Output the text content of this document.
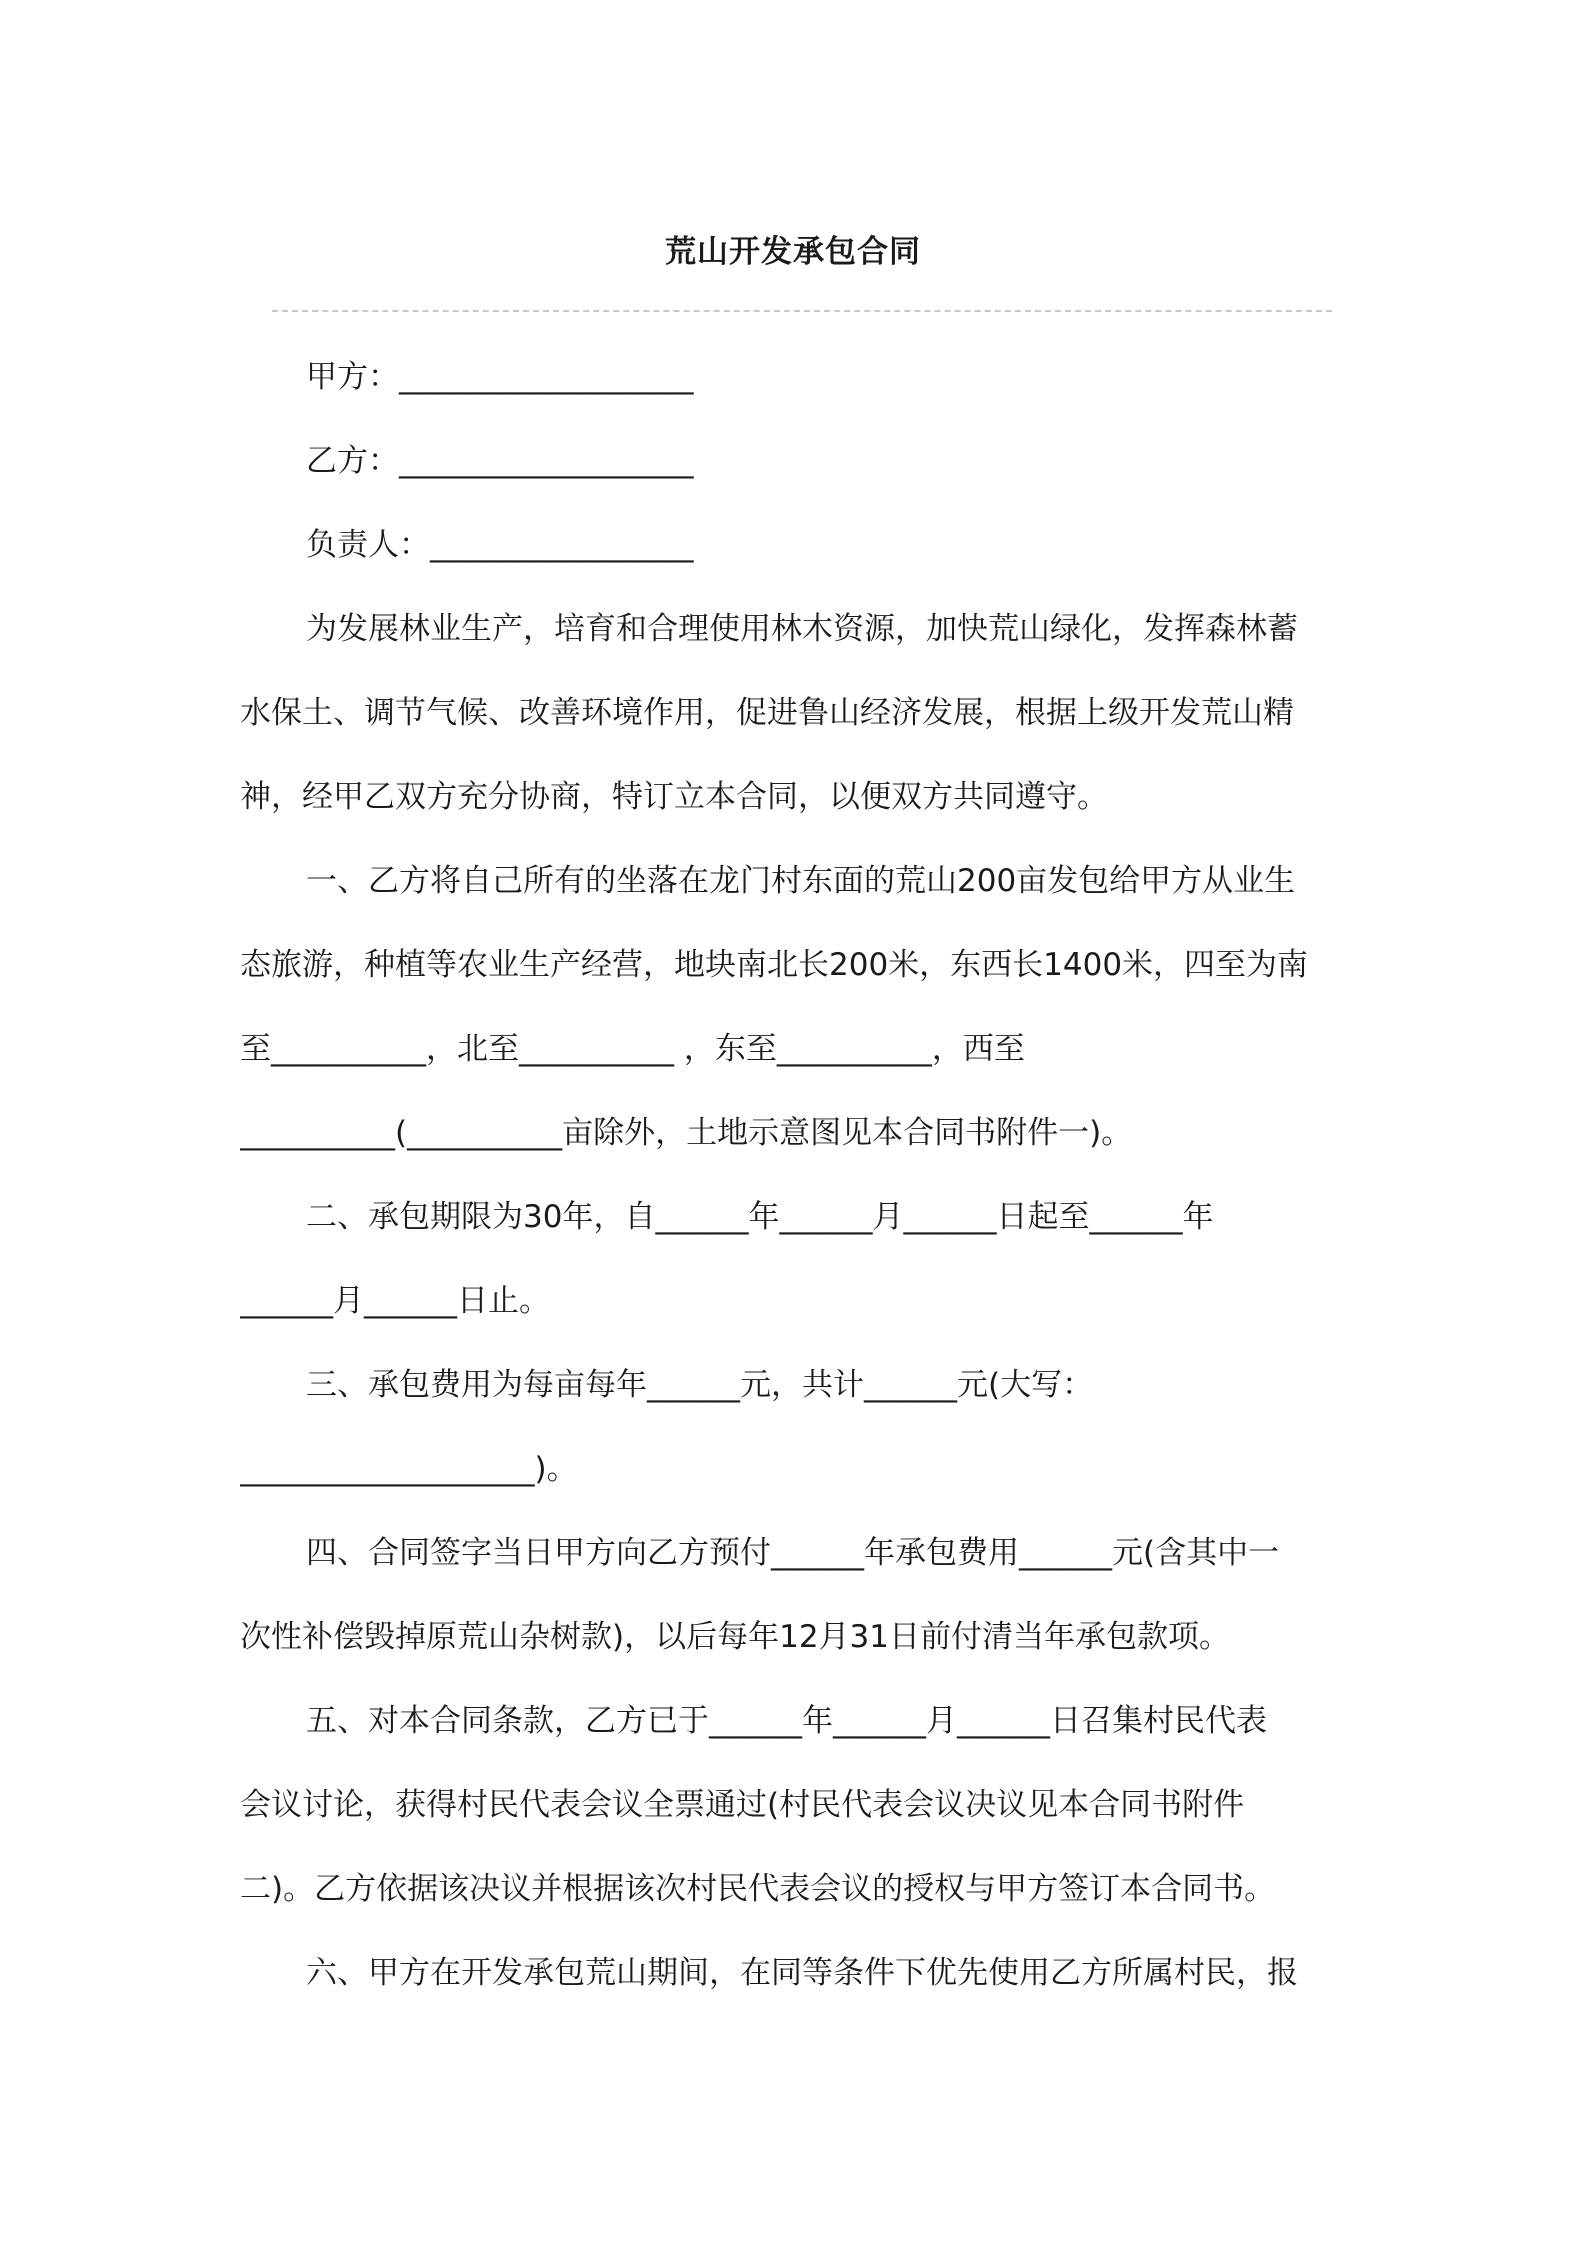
荒山开发承包合同
甲方：___________________
乙方：___________________
负责人：_________________
为发展林业生产，培育和合理使用林木资源，加快荒山绿化，发挥森林蓄
水保土、调节气候、改善环境作用，促进鲁山经济发展，根据上级开发荒山精
神，经甲乙双方充分协商，特订立本合同，以便双方共同遵守。
一、乙方将自己所有的坐落在龙门村东面的荒山200亩发包给甲方从业生
态旅游，种植等农业生产经营，地块南北长200米，东西长1400米，四至为南
至__________，北至__________ ，东至__________，西至
__________(__________亩除外，土地示意图见本合同书附件一)。
二、承包期限为30年，自______年______月______日起至______年
______月______日止。
三、承包费用为每亩每年______元，共计______元(大写：
___________________)。
四、合同签字当日甲方向乙方预付______年承包费用______元(含其中一
次性补偿毁掉原荒山杂树款)，以后每年12月31日前付清当年承包款项。
五、对本合同条款，乙方已于______年______月______日召集村民代表
会议讨论，获得村民代表会议全票通过(村民代表会议决议见本合同书附件
二)。乙方依据该决议并根据该次村民代表会议的授权与甲方签订本合同书。
六、甲方在开发承包荒山期间，在同等条件下优先使用乙方所属村民，报
